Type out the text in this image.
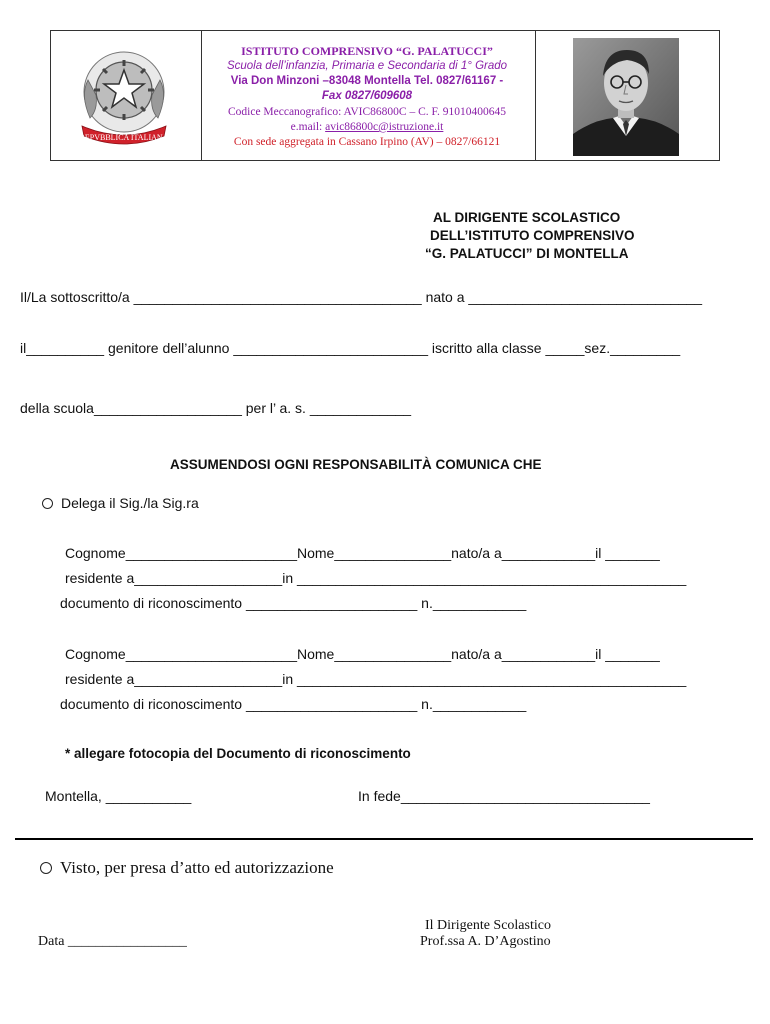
REPVBBLICA ITALIANA
ISTITUTO COMPRENSIVO “G. PALATUCCI”
Scuola dell’infanzia, Primaria e Secondaria di 1° Grado
Via Don Minzoni –83048 Montella Tel. 0827/61167 -
Fax 0827/609608
Codice Meccanografico: AVIC86800C – C. F. 91010400645
e.mail: avic86800c@istruzione.it
Con sede aggregata in Cassano Irpino (AV) – 0827/66121
AL DIRIGENTE SCOLASTICO
DELL’ISTITUTO COMPRENSIVO
“G. PALATUCCI” DI MONTELLA
Il/La sottoscritto/a _____________________________________ nato a ______________________________
il__________ genitore dell’alunno _________________________ iscritto alla classe _____sez._________
della scuola___________________ per l’ a. s. _____________
ASSUMENDOSI OGNI RESPONSABILITÀ COMUNICA CHE
Delega il Sig./la Sig.ra
Cognome______________________Nome_______________nato/a a____________il _______
residente a___________________in __________________________________________________
documento di riconoscimento ______________________ n.____________
Cognome______________________Nome_______________nato/a a____________il _______
residente a___________________in __________________________________________________
documento di riconoscimento ______________________ n.____________
* allegare fotocopia del Documento di riconoscimento
Montella, ___________	In fede________________________________
Visto, per presa d’atto ed autorizzazione
Data _________________
Il Dirigente Scolastico
Prof.ssa A. D’Agostino
